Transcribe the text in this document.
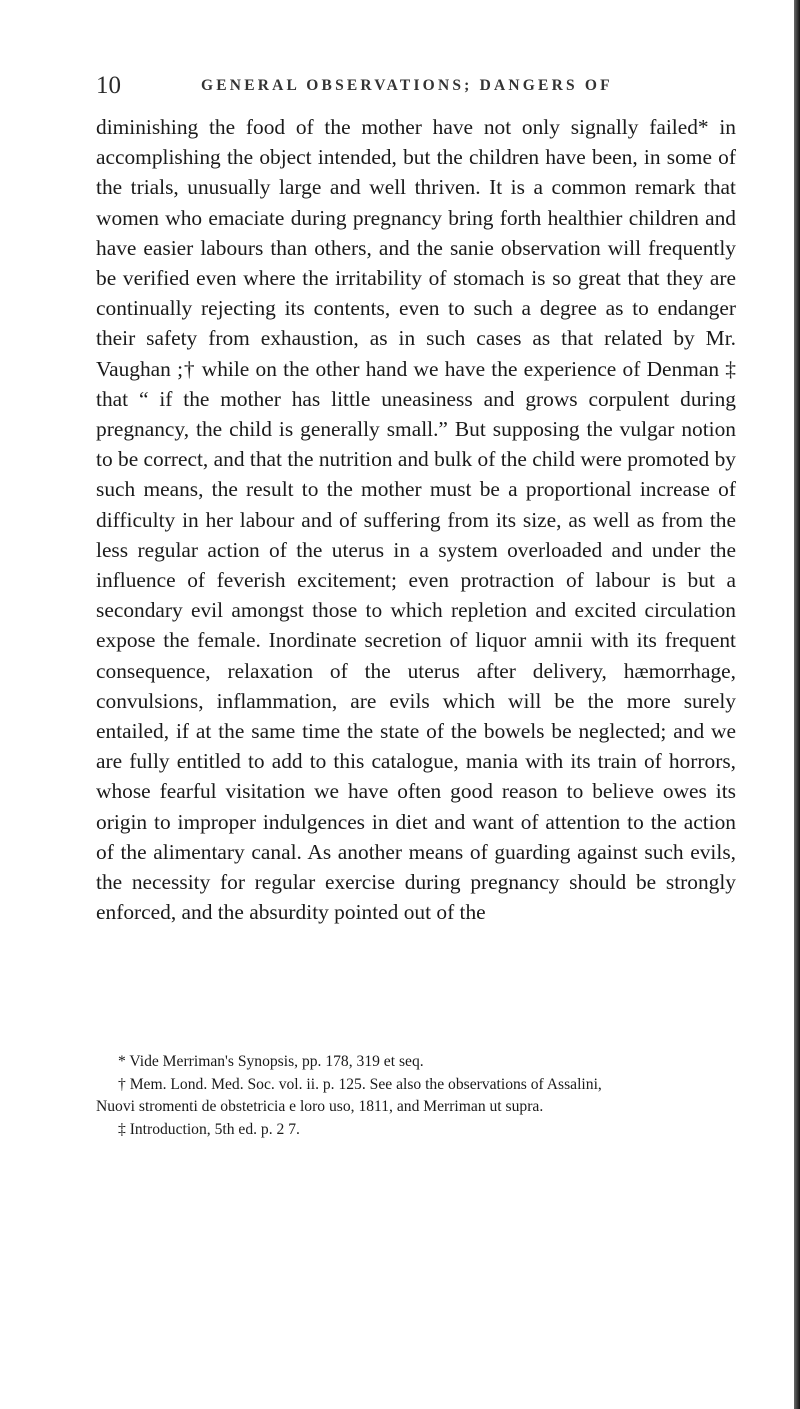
10	GENERAL OBSERVATIONS; DANGERS OF

diminishing the food of the mother have not only signally failed* in accomplishing the object intended, but the children have been, in some of the trials, unusually large and well thriven. It is a common remark that women who emaciate during pregnancy bring forth healthier children and have easier labours than others, and the sanie observation will frequently be verified even where the irritability of stomach is so great that they are continually rejecting its contents, even to such a degree as to endanger their safety from exhaustion, as in such cases as that related by Mr. Vaughan ;† while on the other hand we have the experience of Denman ‡ that “ if the mother has little uneasiness and grows corpulent during pregnancy, the child is generally small.” But supposing the vulgar notion to be correct, and that the nutrition and bulk of the child were promoted by such means, the result to the mother must be a proportional increase of difficulty in her labour and of suffering from its size, as well as from the less regular action of the uterus in a system overloaded and under the influence of feverish excitement; even protraction of labour is but a secondary evil amongst those to which repletion and excited circulation expose the female. Inordinate secretion of liquor amnii with its frequent consequence, relaxation of the uterus after delivery, hæmorrhage, convulsions, inflammation, are evils which will be the more surely entailed, if at the same time the state of the bowels be neglected; and we are fully entitled to add to this catalogue, mania with its train of horrors, whose fearful visitation we have often good reason to believe owes its origin to improper indulgences in diet and want of attention to the action of the alimentary canal. As another means of guarding against such evils, the necessity for regular exercise during pregnancy should be strongly enforced, and the absurdity pointed out of the

* Vide Merriman's Synopsis, pp. 178, 319 et seq.

† Mem. Lond. Med. Soc. vol. ii. p. 125. See also the observations of Assalini,

Nuovi stromenti de obstetricia e loro uso, 1811, and Merriman ut supra.

‡ Introduction, 5th ed. p. 2 7.
